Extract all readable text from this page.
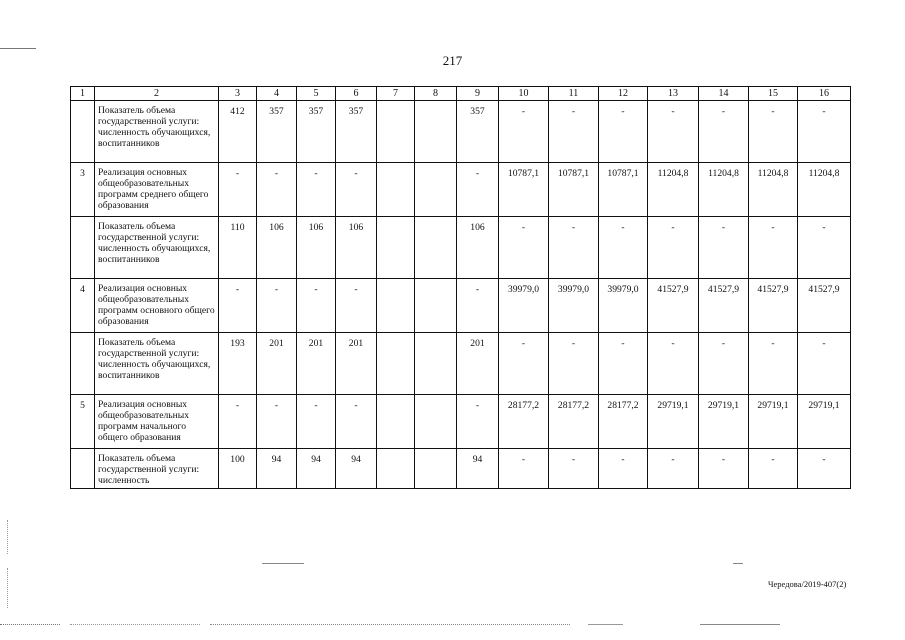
217
1	2	3	4	5	6	7	8	9	10	11	12	13	14	15	16
	Показатель объема государственной услуги: численность обучающихся, воспитанников	412	357	357	357			357	-	-	-	-	-	-	-
3	Реализация основных общеобразовательных программ среднего общего образования	-	-	-	-			-	10787,1	10787,1	10787,1	11204,8	11204,8	11204,8	11204,8
	Показатель объема государственной услуги: численность обучающихся, воспитанников	110	106	106	106			106	-	-	-	-	-	-	-
4	Реализация основных общеобразовательных программ основного общего образования	-	-	-	-			-	39979,0	39979,0	39979,0	41527,9	41527,9	41527,9	41527,9
	Показатель объема государственной услуги: численность обучающихся, воспитанников	193	201	201	201			201	-	-	-	-	-	-	-
5	Реализация основных общеобразовательных программ начального общего образования	-	-	-	-			-	28177,2	28177,2	28177,2	29719,1	29719,1	29719,1	29719,1
	Показатель объема государственной услуги: численность	100	94	94	94			94	-	-	-	-	-	-	-
Чередова/2019-407(2)
